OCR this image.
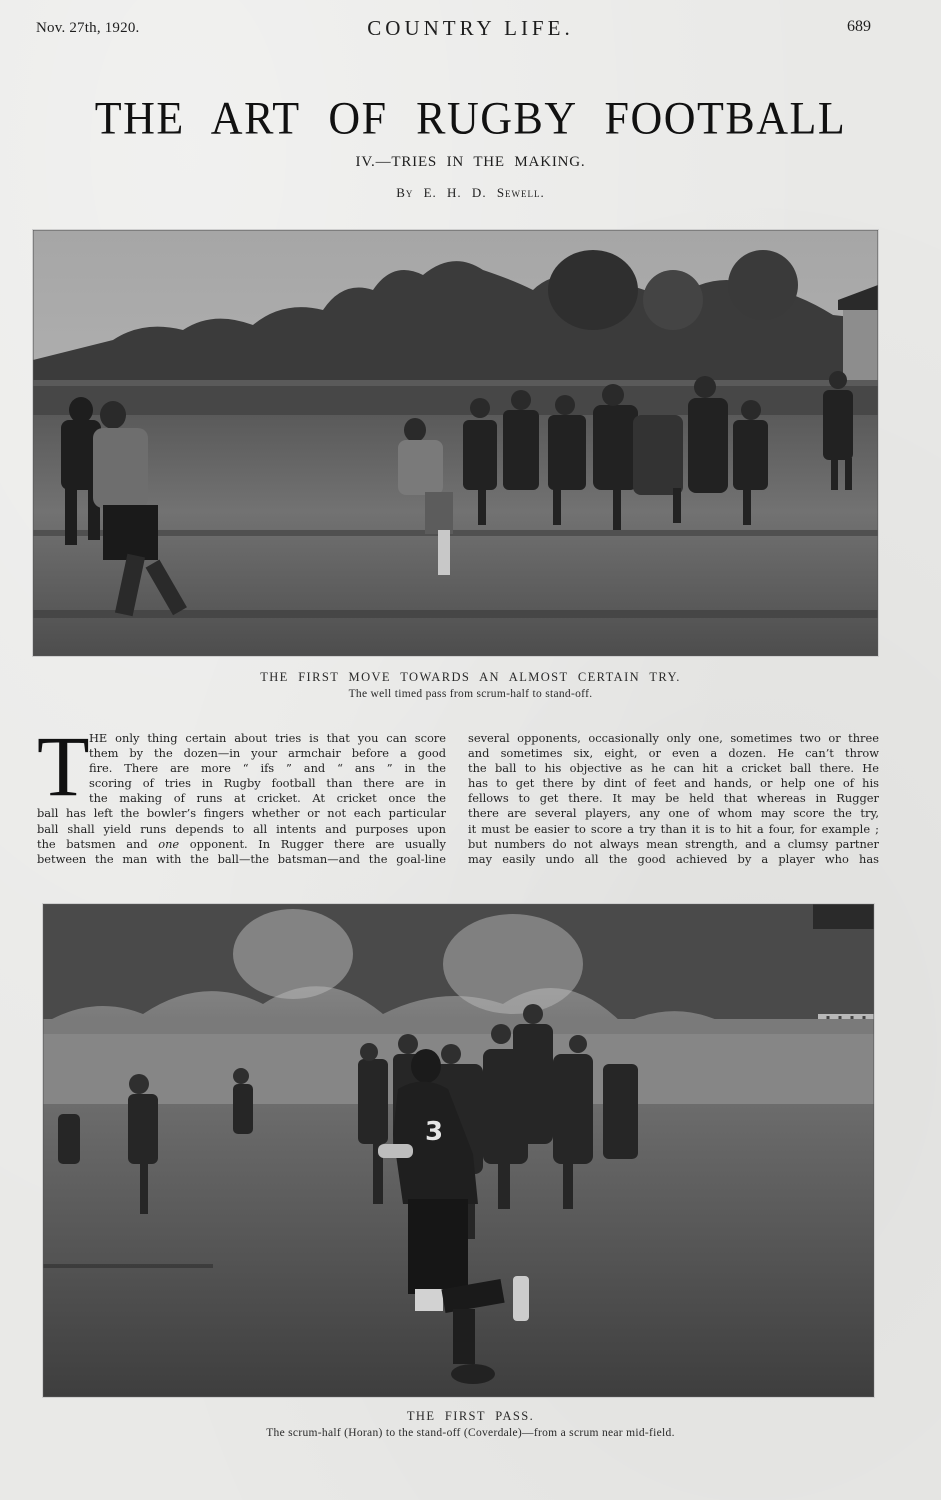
Nov. 27th, 1920.	COUNTRY LIFE.	689
THE ART OF RUGBY FOOTBALL
IV.—TRIES IN THE MAKING.
By E. H. D. Sewell.
THE FIRST MOVE TOWARDS AN ALMOST CERTAIN TRY.
The well timed pass from scrum-half to stand-off.
T HE only thing certain about tries is that you can score
them by the dozen—in your armchair before a good
fire. There are more “ ifs ” and “ ans ” in the
scoring of tries in Rugby football than there are in
the making of runs at cricket. At cricket once the
ball has left the bowler’s fingers whether or not each particular
ball shall yield runs depends to all intents and purposes upon
the batsmen and one opponent. In Rugger there are usually
between the man with the ball—the batsman—and the goal-line
several opponents, occasionally only one, sometimes two or three
and sometimes six, eight, or even a dozen. He can’t throw
the ball to his objective as he can hit a cricket ball there. He
has to get there by dint of feet and hands, or help one of his
fellows to get there. It may be held that whereas in Rugger
there are several players, any one of whom may score the try,
it must be easier to score a try than it is to hit a four, for example ;
but numbers do not always mean strength, and a clumsy partner
may easily undo all the good achieved by a player who has
3
THE FIRST PASS.
The scrum-half (Horan) to the stand-off (Coverdale)—from a scrum near mid-field.
